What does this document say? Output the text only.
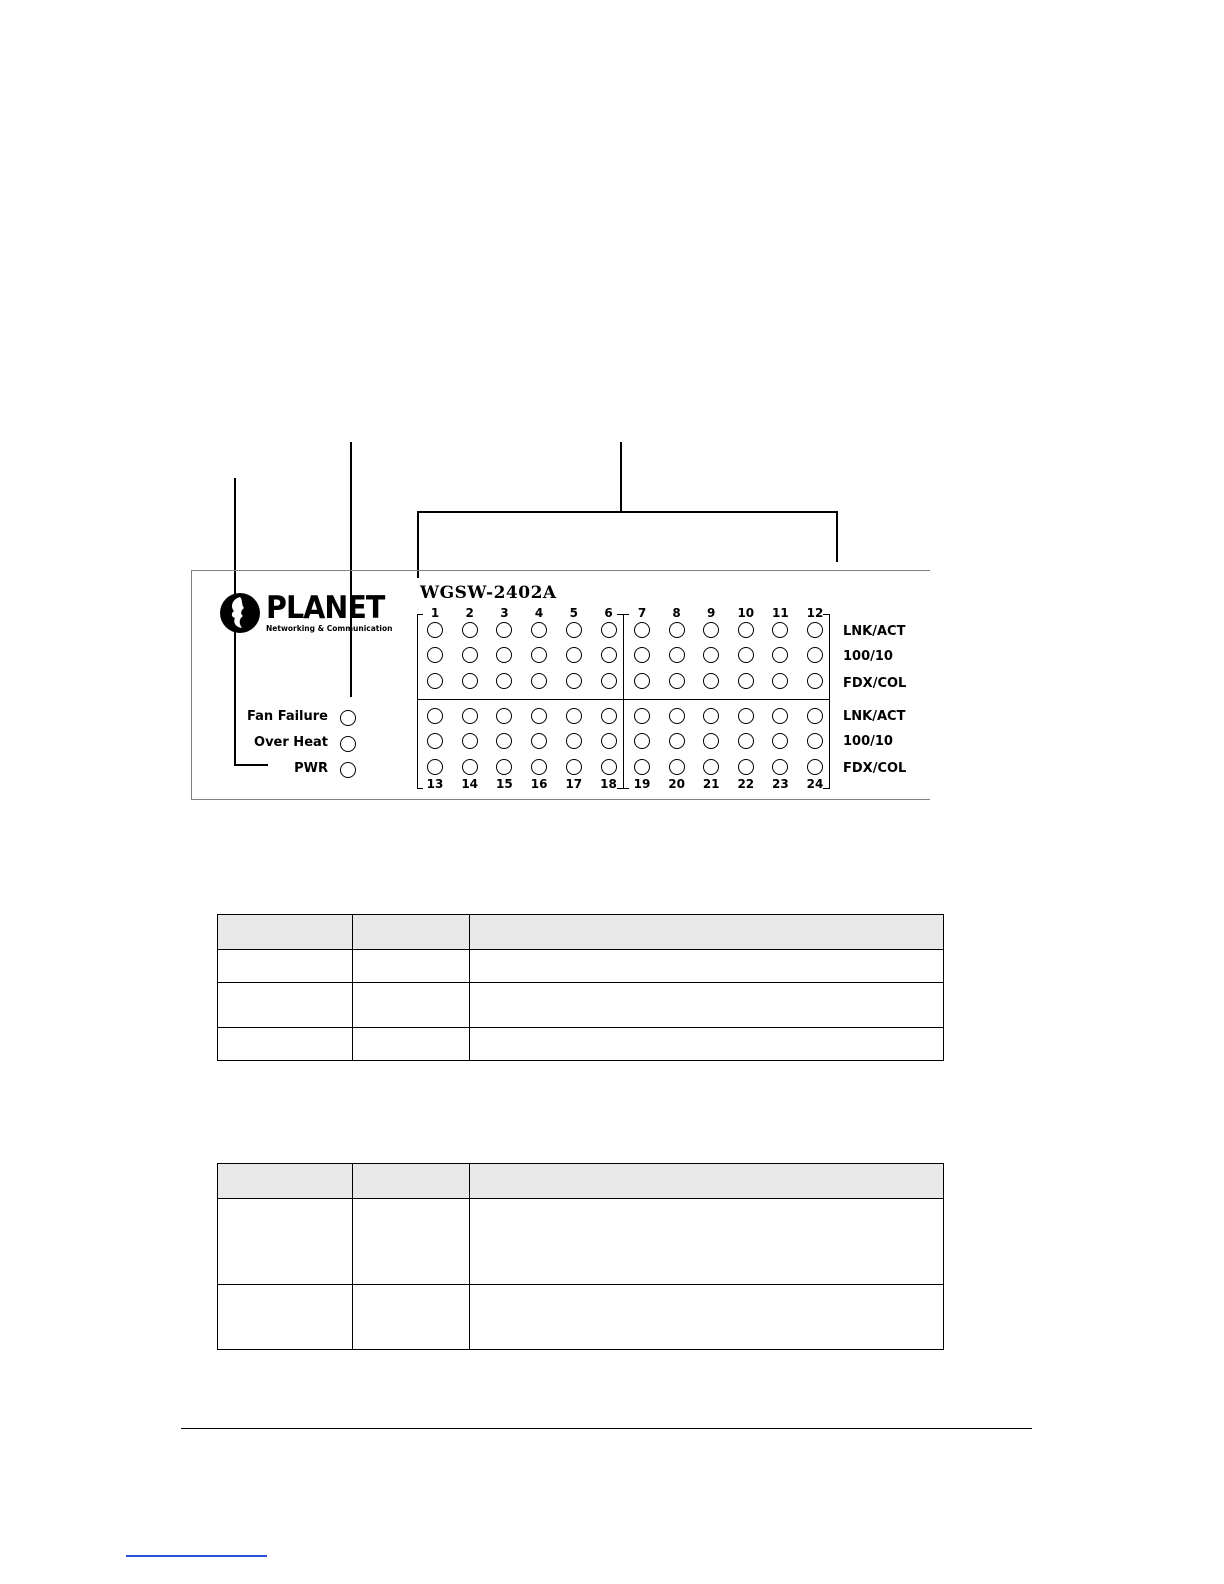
PLANET
Networking & Communication
WGSW-2402A
Fan Failure
Over Heat
PWR
1	2	3	4	5	6	7	8	9	10	11	12
13	14	15	16	17	18	19	20	21	22	23	24
LNK/ACT
100/10
FDX/COL
LNK/ACT
100/10
FDX/COL
